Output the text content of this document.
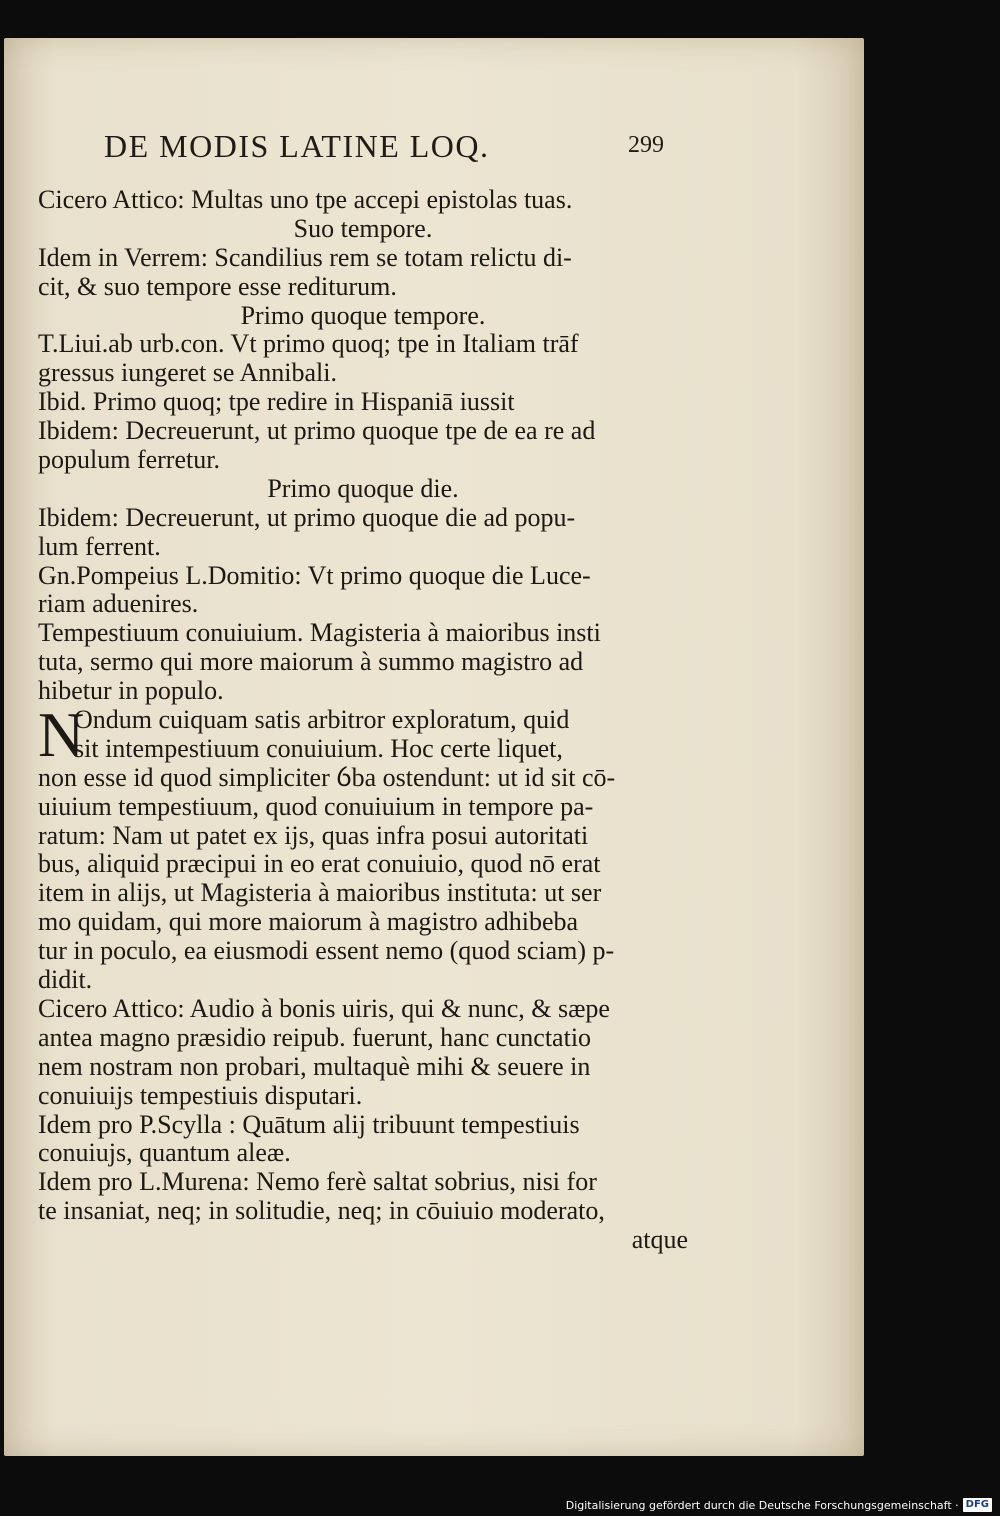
DE MODIS LATINE LOQ.	299
Cicero Attico: Multas uno tpe accepi epistolas tuas.
Suo tempore.
Idem in Verrem: Scandilius rem se totam relictu di-
cit, & suo tempore esse rediturum.
Primo quoque tempore.
T.Liui.ab urb.con. Vt primo quoq; tpe in Italiam trāf
gressus iungeret se Annibali.
Ibid. Primo quoq; tpe redire in Hispaniā iussit
Ibidem: Decreuerunt, ut primo quoque tpe de ea re ad
populum ferretur.
Primo quoque die.
Ibidem: Decreuerunt, ut primo quoque die ad popu-
lum ferrent.
Gn.Pompeius L.Domitio: Vt primo quoque die Luce-
riam aduenires.
Tempestiuum conuiuium. Magisteria à maioribus insti
tuta, sermo qui more maiorum à summo magistro ad
hibetur in populo.
N
Ondum cuiquam satis arbitror exploratum, quid
sit intempestiuum conuiuium. Hoc certe liquet,
non esse id quod simpliciter ỽba ostendunt: ut id sit cō-
uiuium tempestiuum, quod conuiuium in tempore pa-
ratum: Nam ut patet ex ijs, quas infra posui autoritati
bus, aliquid præcipui in eo erat conuiuio, quod nō erat
item in alijs, ut Magisteria à maioribus instituta: ut ser
mo quidam, qui more maiorum à magistro adhibeba
tur in poculo, ea eiusmodi essent nemo (quod sciam) p-
didit.
Cicero Attico: Audio à bonis uiris, qui & nunc, & sæpe
antea magno præsidio reipub. fuerunt, hanc cunctatio
nem nostram non probari, multaquè mihi & seuere in
conuiuijs tempestiuis disputari.
Idem pro P.Scylla : Quātum alij tribuunt tempestiuis
conuiujs, quantum aleæ.
Idem pro L.Murena: Nemo ferè saltat sobrius, nisi for
te insaniat, neq; in solitudie, neq; in cōuiuio moderato,
atque
Digitalisierung gefördert durch die Deutsche Forschungsgemeinschaft · DFG
